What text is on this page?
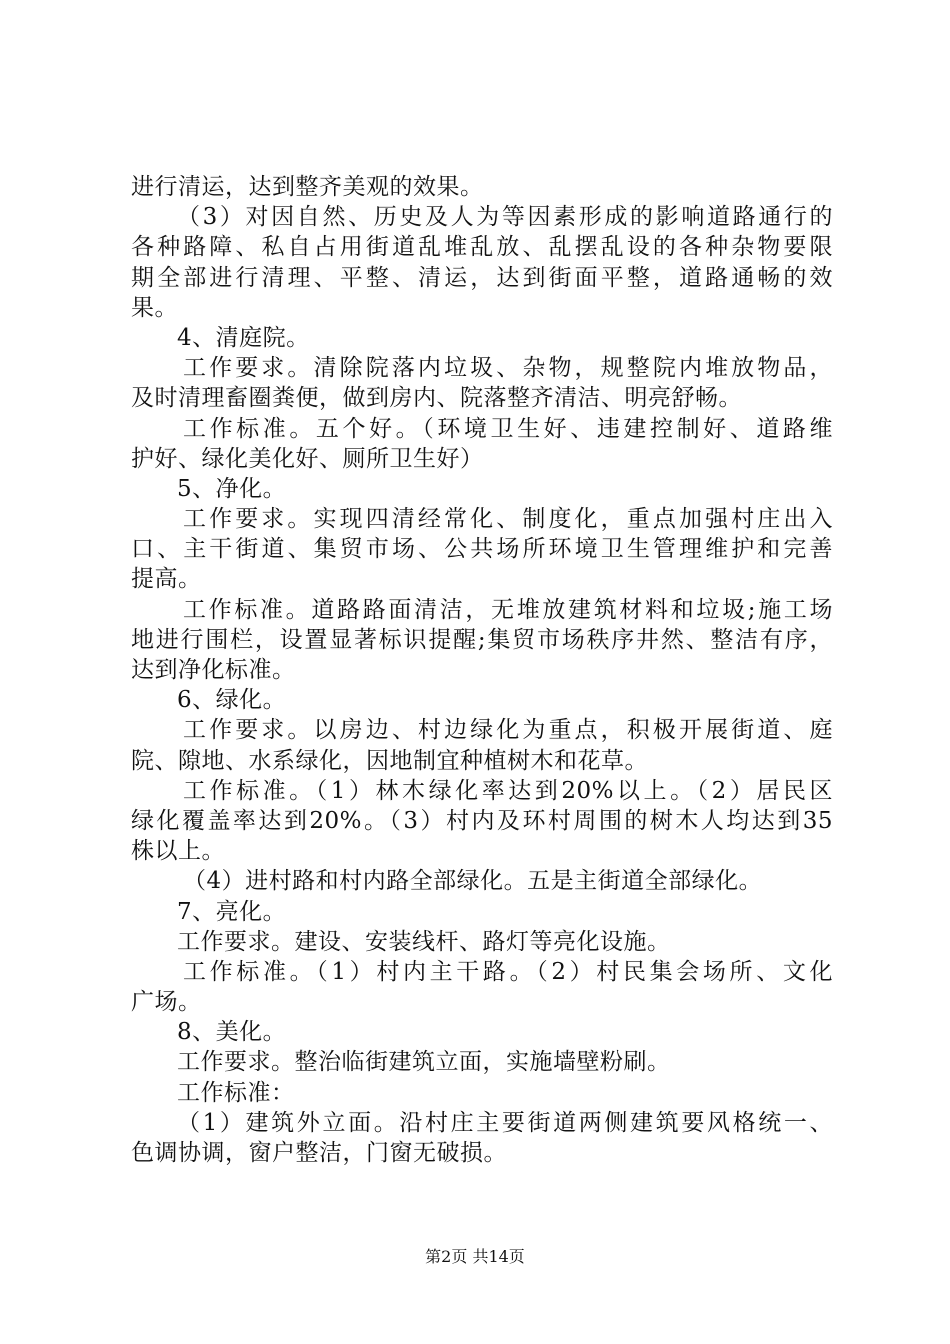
进行清运，达到整齐美观的效果。
（3）对因自然、历史及人为等因素形成的影响道路通行的
各种路障、私自占用街道乱堆乱放、乱摆乱设的各种杂物要限
期全部进行清理、平整、清运，达到街面平整，道路通畅的效
果。
4、清庭院。
工作要求。清除院落内垃圾、杂物，规整院内堆放物品，
及时清理畜圈粪便，做到房内、院落整齐清洁、明亮舒畅。
工作标准。五个好。（环境卫生好、违建控制好、道路维
护好、绿化美化好、厕所卫生好）
5、净化。
工作要求。实现四清经常化、制度化，重点加强村庄出入
口、主干街道、集贸市场、公共场所环境卫生管理维护和完善
提高。
工作标准。道路路面清洁，无堆放建筑材料和垃圾;施工场
地进行围栏，设置显著标识提醒;集贸市场秩序井然、整洁有序，
达到净化标准。
6、绿化。
工作要求。以房边、村边绿化为重点，积极开展街道、庭
院、隙地、水系绿化，因地制宜种植树木和花草。
工作标准。（1）林木绿化率达到20%以上。（2）居民区
绿化覆盖率达到20%。（3）村内及环村周围的树木人均达到35
株以上。
（4）进村路和村内路全部绿化。五是主街道全部绿化。
7、亮化。
工作要求。建设、安装线杆、路灯等亮化设施。
工作标准。（1）村内主干路。（2）村民集会场所、文化
广场。
8、美化。
工作要求。整治临街建筑立面，实施墙壁粉刷。
工作标准：
（1）建筑外立面。沿村庄主要街道两侧建筑要风格统一、
色调协调，窗户整洁，门窗无破损。
第2页 共14页
